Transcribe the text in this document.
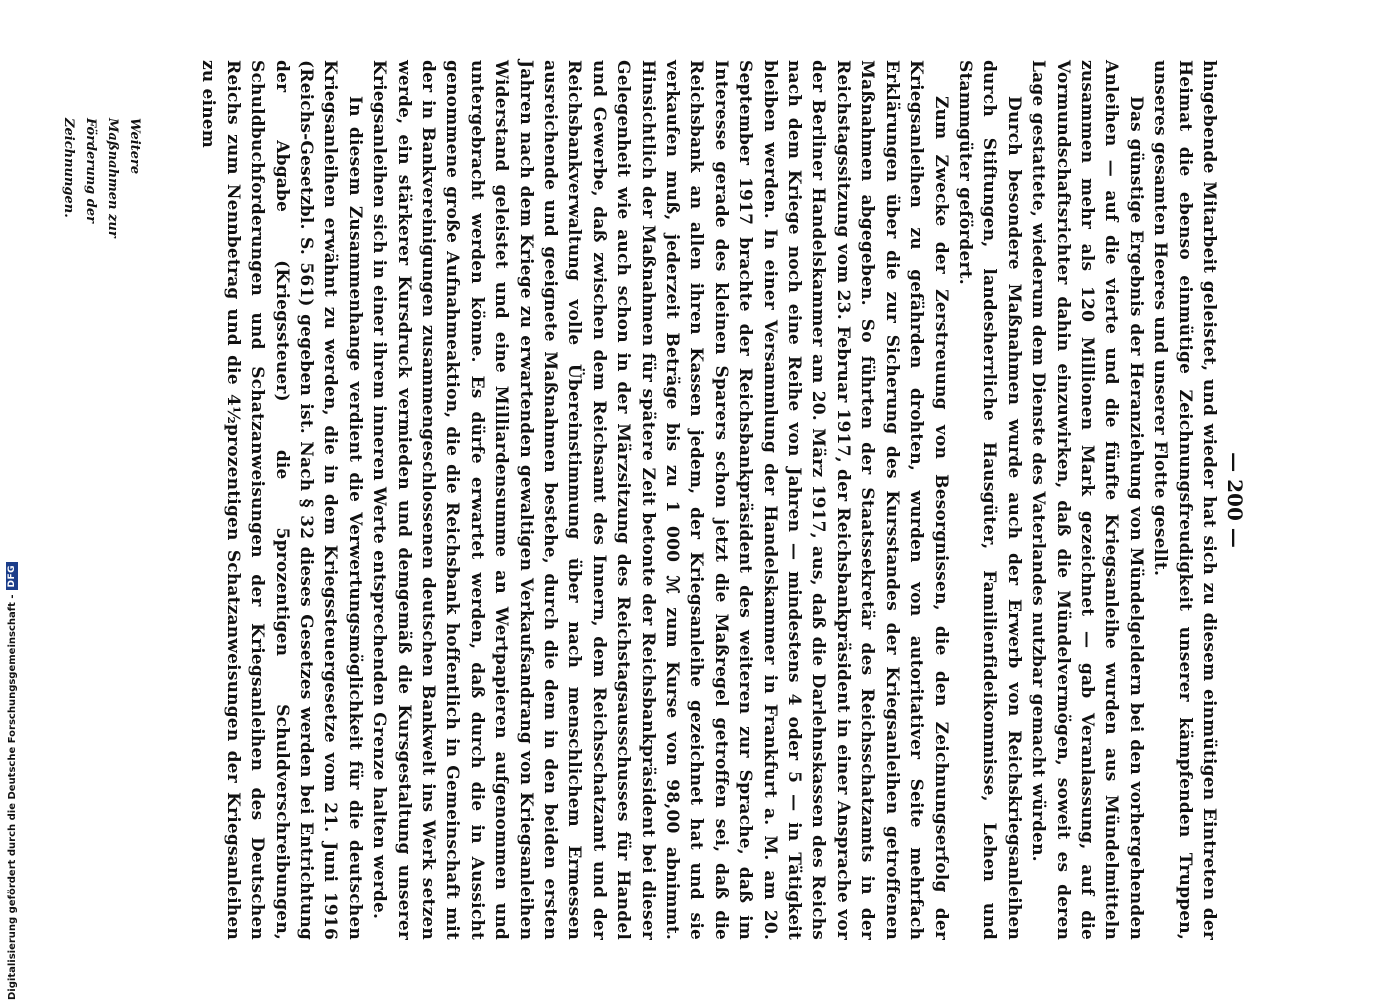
— 200 —
Weitere Maßnahmen zur Förderung der Zeichnungen.	hingebende Mitarbeit geleistet, und wieder hat sich zu diesem einmütigen Eintreten der Heimat die ebenso einmütige Zeichnungsfreudigkeit unserer kämpfenden Truppen, unseres gesamten Heeres und unserer Flotte gesellt.

Das günstige Ergebnis der Heranziehung von Mündelgeldern bei den vorhergehenden Anleihen — auf die vierte und die fünfte Kriegsanleihe wurden aus Mündelmitteln zusammen mehr als 120 Millionen Mark gezeichnet — gab Veranlassung, auf die Vormundschaftsrichter dahin einzuwirken, daß die Mündelvermögen, soweit es deren Lage gestattete, wiederum dem Dienste des Vaterlandes nutzbar gemacht würden.

Durch besondere Maßnahmen wurde auch der Erwerb von Reichskriegsanleihen durch Stiftungen, landesherrliche Hausgüter, Familienfideikommisse, Lehen und Stammgüter gefördert.

Zum Zwecke der Zerstreuung von Besorgnissen, die den Zeichnungserfolg der Kriegsanleihen zu gefährden drohten, wurden von autoritativer Seite mehrfach Erklärungen über die zur Sicherung des Kursstandes der Kriegsanleihen getroffenen Maßnahmen abgegeben. So führten der Staatssekretär des Reichsschatzamts in der Reichstagssitzung vom 23. Februar 1917, der Reichsbankpräsident in einer Ansprache vor der Berliner Handelskammer am 20. März 1917, aus, daß die Darlehnskassen des Reichs nach dem Kriege noch eine Reihe von Jahren — mindestens 4 oder 5 — in Tätigkeit bleiben werden. In einer Versammlung der Handelskammer in Frankfurt a. M. am 20. September 1917 brachte der Reichsbankpräsident des weiteren zur Sprache, daß im Interesse gerade des kleinen Sparers schon jetzt die Maßregel getroffen sei, daß die Reichsbank an allen ihren Kassen jedem, der Kriegsanleihe gezeichnet hat und sie verkaufen muß, jederzeit Beträge bis zu 1 000 ℳ zum Kurse von 98,00 abnimmt. Hinsichtlich der Maßnahmen für spätere Zeit betonte der Reichsbankpräsident bei dieser Gelegenheit wie auch schon in der Märzsitzung des Reichstagsausschusses für Handel und Gewerbe, daß zwischen dem Reichsamt des Innern, dem Reichsschatzamt und der Reichsbankverwaltung volle Übereinstimmung über nach menschlichem Ermessen ausreichende und geeignete Maßnahmen bestehe, durch die dem in den beiden ersten Jahren nach dem Kriege zu erwartenden gewaltigen Verkaufsandrang von Kriegsanleihen Widerstand geleistet und eine Milliardensumme an Wertpapieren aufgenommen und untergebracht werden könne. Es dürfe erwartet werden, daß durch die in Aussicht genommene große Aufnahmeaktion, die die Reichsbank hoffentlich in Gemeinschaft mit der in Bankvereinigungen zusammengeschlossenen deutschen Bankwelt ins Werk setzen werde, ein stärkerer Kursdruck vermieden und demgemäß die Kursgestaltung unserer Kriegsanleihen sich in einer ihrem inneren Werte entsprechenden Grenze halten werde.

In diesem Zusammenhange verdient die Verwertungsmöglichkeit für die deutschen Kriegsanleihen erwähnt zu werden, die in dem Kriegssteuergesetze vom 21. Juni 1916 (Reichs-Gesetzbl. S. 561) gegeben ist. Nach § 32 dieses Gesetzes werden bei Entrichtung der Abgabe (Kriegssteuer) die 5prozentigen Schuldverschreibungen, Schuldbuchforderungen und Schatzanweisungen der Kriegsanleihen des Deutschen Reichs zum Nennbetrag und die 4½prozentigen Schatzanweisungen der Kriegsanleihen zu einem

Digitalisierung gefördert durch die Deutsche Forschungsgemeinschaft -
DFG
